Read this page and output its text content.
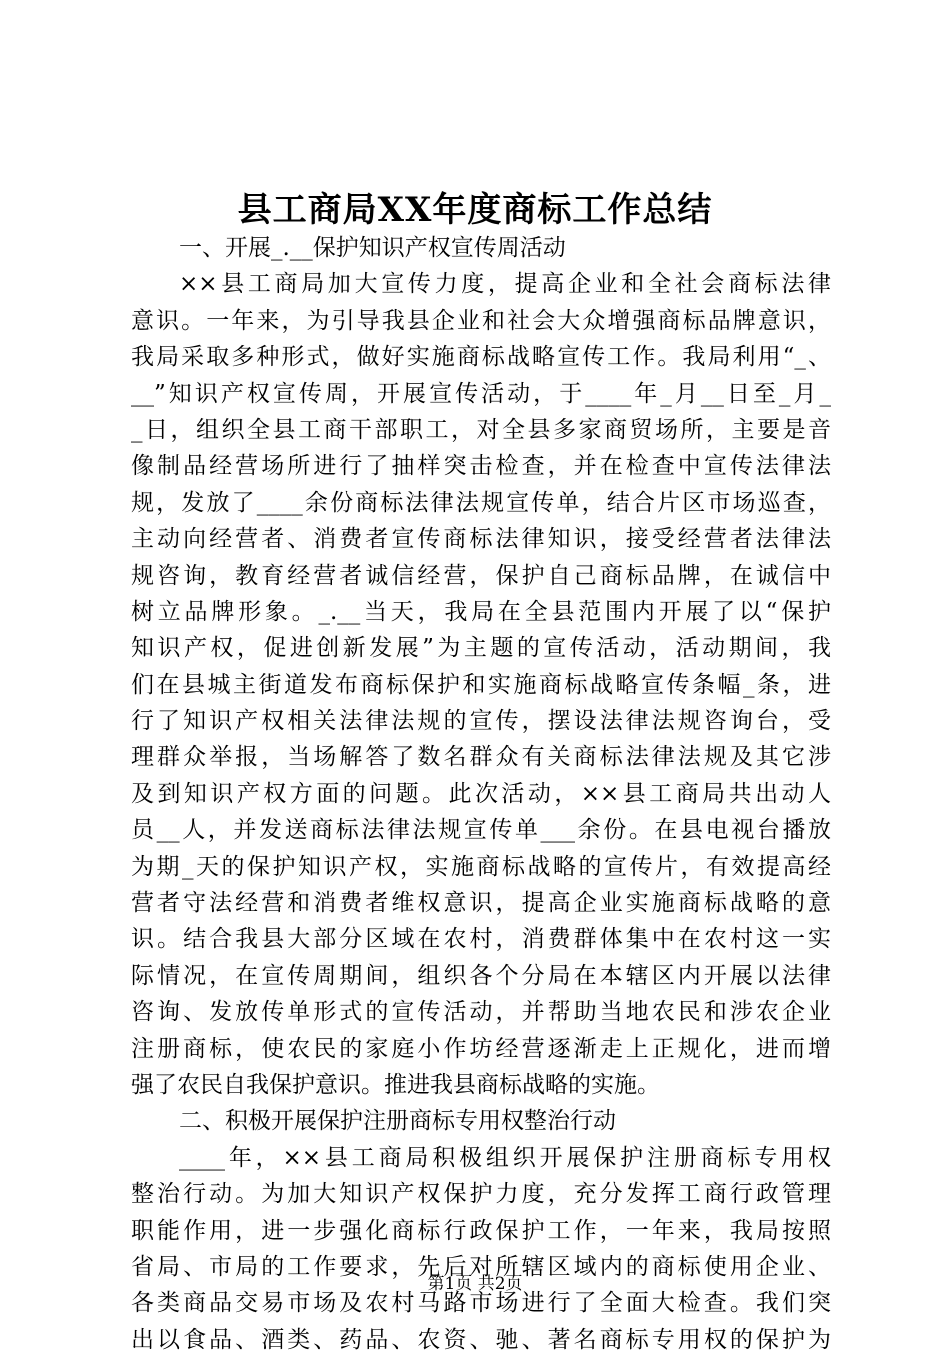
县工商局XX年度商标工作总结
一、开展_.__保护知识产权宣传周活动
××县工商局加大宣传力度，提高企业和全社会商标法律
意识。一年来，为引导我县企业和社会大众增强商标品牌意识，
我局采取多种形式，做好实施商标战略宣传工作。我局利用“_、
__”知识产权宣传周，开展宣传活动，于____年_月__日至_月_
_日，组织全县工商干部职工，对全县多家商贸场所，主要是音
像制品经营场所进行了抽样突击检查，并在检查中宣传法律法
规，发放了____余份商标法律法规宣传单，结合片区市场巡查，
主动向经营者、消费者宣传商标法律知识，接受经营者法律法
规咨询，教育经营者诚信经营，保护自己商标品牌，在诚信中
树立品牌形象。_.__当天，我局在全县范围内开展了以“保护
知识产权，促进创新发展”为主题的宣传活动，活动期间，我
们在县城主街道发布商标保护和实施商标战略宣传条幅_条，进
行了知识产权相关法律法规的宣传，摆设法律法规咨询台，受
理群众举报，当场解答了数名群众有关商标法律法规及其它涉
及到知识产权方面的问题。此次活动，××县工商局共出动人
员__人，并发送商标法律法规宣传单___余份。在县电视台播放
为期_天的保护知识产权，实施商标战略的宣传片，有效提高经
营者守法经营和消费者维权意识，提高企业实施商标战略的意
识。结合我县大部分区域在农村，消费群体集中在农村这一实
际情况，在宣传周期间，组织各个分局在本辖区内开展以法律
咨询、发放传单形式的宣传活动，并帮助当地农民和涉农企业
注册商标，使农民的家庭小作坊经营逐渐走上正规化，进而增
强了农民自我保护意识。推进我县商标战略的实施。
二、积极开展保护注册商标专用权整治行动
____年，××县工商局积极组织开展保护注册商标专用权
整治行动。为加大知识产权保护力度，充分发挥工商行政管理
职能作用，进一步强化商标行政保护工作，一年来，我局按照
省局、市局的工作要求，先后对所辖区域内的商标使用企业、
各类商品交易市场及农村马路市场进行了全面大检查。我们突
出以食品、酒类、药品、农资、驰、著名商标专用权的保护为
第1页 共2页
